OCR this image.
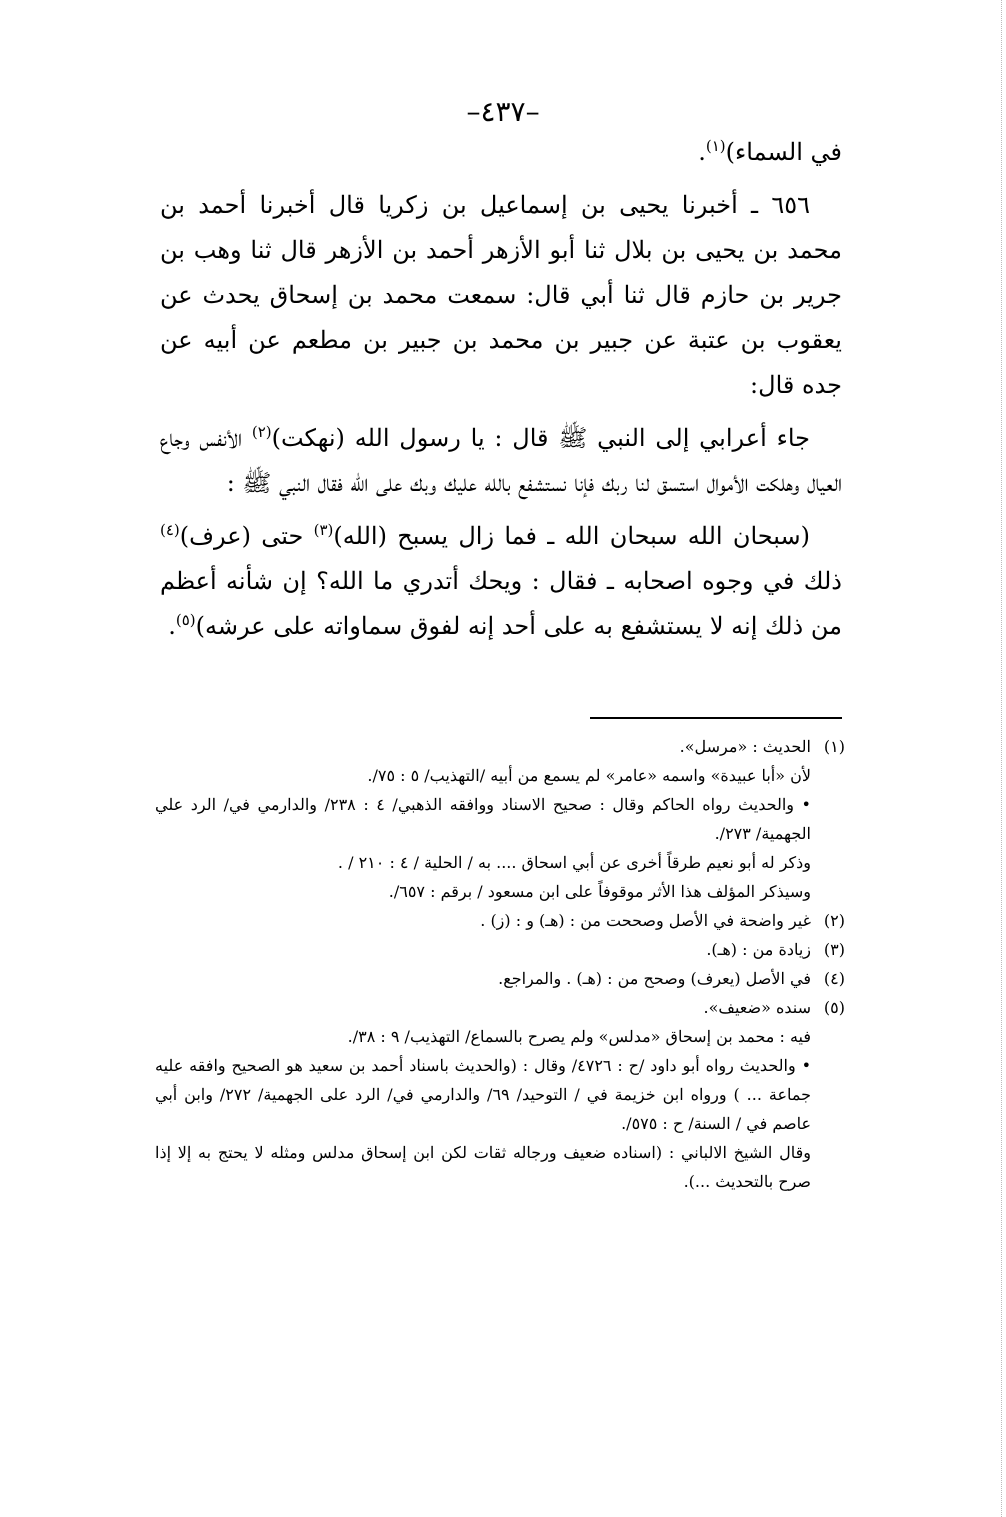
–٤٣٧–

في السماء)$^{(١)}$.

٦٥٦ ـ أخبرنا يحيى بن إسماعيل بن زكريا قال أخبرنا أحمد بن محمد بن يحيى بن بلال ثنا أبو الأزهر أحمد بن الأزهر قال ثنا وهب بن جرير بن حازم قال ثنا أبي قال: سمعت محمد بن إسحاق يحدث عن يعقوب بن عتبة عن جبير بن محمد بن جبير بن مطعم عن أبيه عن جده قال:

جاء أعرابي إلى النبي ﷺ قال : يا رسول الله (نهكت)$^{(٢)}$ الأنفس وجاع العيال وهلكت الأموال استسق لنا ربك فإنا نستشفع بالله عليك وبك على الله فقال النبي ﷺ :

(سبحان الله سبحان الله ـ فما زال يسبح (الله)$^{(٣)}$ حتى (عرف)$^{(٤)}$ ذلك في وجوه اصحابه ـ فقال : ويحك أتدري ما الله؟ إن شأنه أعظم من ذلك إنه لا يستشفع به على أحد إنه لفوق سماواته على عرشه)$^{(٥)}$.

(١)

الحديث : «مرسل».

لأن «أبا عبيدة» واسمه «عامر» لم يسمع من أبيه /التهذيب/ ٥ : ٧٥/.

• والحديث رواه الحاكم وقال : صحيح الاسناد ووافقه الذهبي/ ٤ : ٢٣٨/ والدارمي في/ الرد علي الجهمية/ ٢٧٣/.

وذكر له أبو نعيم طرقاً أخرى عن أبي اسحاق .... به / الحلية / ٤ : ٢١٠ / .

وسيذكر المؤلف هذا الأثر موقوفاً على ابن مسعود / برقم : ٦٥٧/.

(٢)
غير واضحة في الأصل وصححت من : (هـ) و : (ز) .
(٣)
زيادة من : (هـ).
(٤)
في الأصل (يعرف) وصحح من : (هـ) . والمراجع.
(٥)
سنده «ضعيف».

فيه : محمد بن إسحاق «مدلس» ولم يصرح بالسماع/ التهذيب/ ٩ : ٣٨/.

• والحديث رواه أبو داود /ح : ٤٧٢٦/ وقال : (والحديث باسناد أحمد بن سعيد هو الصحيح وافقه عليه جماعة ... ) ورواه ابن خزيمة في / التوحيد/ ٦٩/ والدارمي في/ الرد على الجهمية/ ٢٧٢/ وابن أبي عاصم في / السنة/ ح : ٥٧٥/.

وقال الشيخ الالباني : (اسناده ضعيف ورجاله ثقات لكن ابن إسحاق مدلس ومثله لا يحتج به إلا إذا صرح بالتحديث ...).
